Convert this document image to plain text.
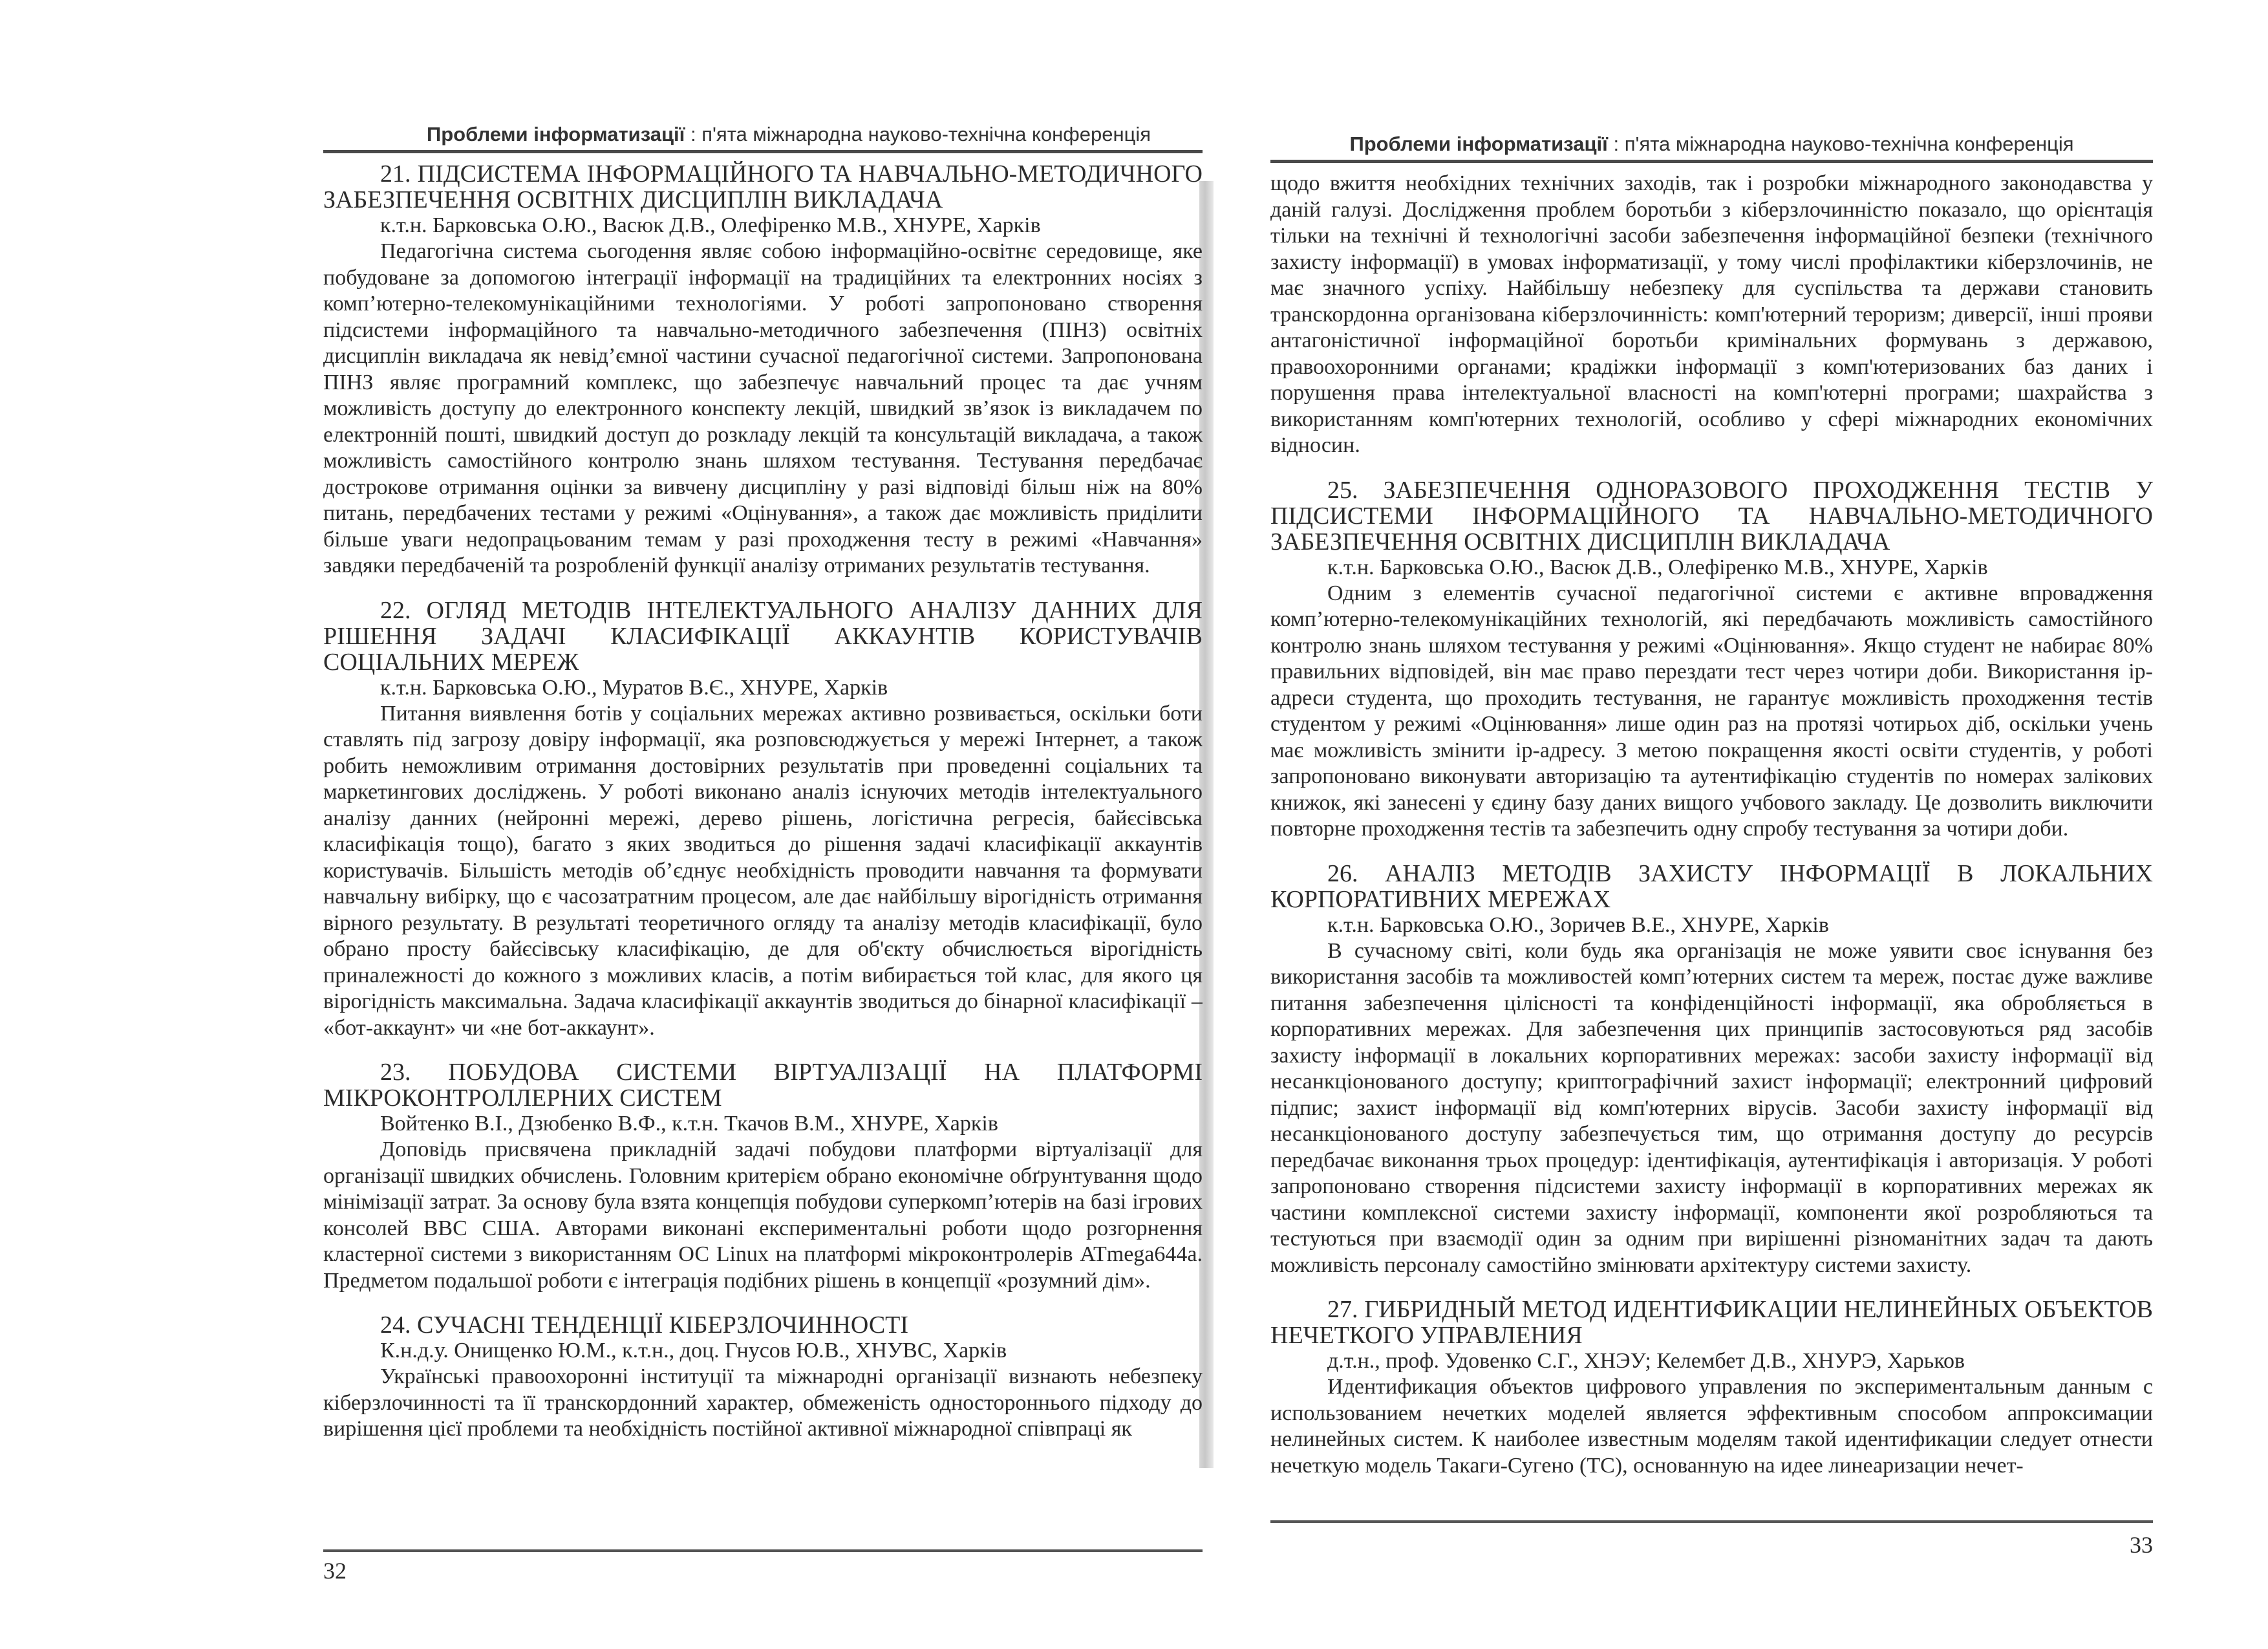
Проблеми інформатизації : п'ята міжнародна науково-технічна конференція
21. ПІДСИСТЕМА ІНФОРМАЦІЙНОГО ТА НАВЧАЛЬНО-МЕТОДИЧНОГО ЗАБЕЗПЕЧЕННЯ ОСВІТНІХ ДИСЦИПЛІН ВИКЛАДАЧА

к.т.н. Барковська О.Ю., Васюк Д.В., Олефіренко М.В., ХНУРЕ, Харків

Педагогічна система сьогодення являє собою інформаційно-освітнє середовище, яке побудоване за допомогою інтеграції інформації на традиційних та електронних носіях з комп’ютерно-телекомунікаційними технологіями. У роботі запропоновано створення підсистеми інформаційного та навчально-методичного забезпечення (ПІНЗ) освітніх дисциплін викладача як невід’ємної частини сучасної педагогічної системи. Запропонована ПІНЗ являє програмний комплекс, що забезпечує навчальний процес та дає учням можливість доступу до електронного конспекту лекцій, швидкий зв’язок із викладачем по електронній пошті, швидкий доступ до розкладу лекцій та консультацій викладача, а також можливість самостійного контролю знань шляхом тестування. Тестування передбачає дострокове отримання оцінки за вивчену дисципліну у разі відповіді більш ніж на 80% питань, передбачених тестами у режимі «Оцінування», а також дає можливість приділити більше уваги недопрацьованим темам у разі проходження тесту в режимі «Навчання» завдяки передбаченій та розробленій функції аналізу отриманих результатів тестування.

22. ОГЛЯД МЕТОДІВ ІНТЕЛЕКТУАЛЬНОГО АНАЛІЗУ ДАННИХ ДЛЯ РІШЕННЯ ЗАДАЧІ КЛАСИФІКАЦІЇ АККАУНТІВ КОРИСТУВАЧІВ СОЦІАЛЬНИХ МЕРЕЖ

к.т.н. Барковська О.Ю., Муратов В.Є., ХНУРЕ, Харків

Питання виявлення ботів у соціальних мережах активно розвивається, оскільки боти ставлять під загрозу довіру інформації, яка розповсюджується у мережі Інтернет, а також робить неможливим отримання достовірних результатів при проведенні соціальних та маркетингових досліджень. У роботі виконано аналіз існуючих методів інтелектуального аналізу данних (нейронні мережі, дерево рішень, логістична регресія, байєсівська класифікація тощо), багато з яких зводиться до рішення задачі класифікації аккаунтів користувачів. Більшість методів об’єднує необхідність проводити навчання та формувати навчальну вибірку, що є часозатратним процесом, але дає найбільшу вірогідність отримання вірного результату. В результаті теоретичного огляду та аналізу методів класифікації, було обрано просту байєсівську класифікацію, де для об'єкту обчислюється вірогідність приналежності до кожного з можливих класів, а потім вибирається той клас, для якого ця вірогідність максимальна. Задача класифікації аккаунтів зводиться до бінарної класифікації – «бот-аккаунт» чи «не бот-аккаунт».

23. ПОБУДОВА СИСТЕМИ ВІРТУАЛІЗАЦІЇ НА ПЛАТФОРМІ МІКРОКОНТРОЛЛЕРНИХ СИСТЕМ

Войтенко В.І., Дзюбенко В.Ф., к.т.н. Ткачов В.М., ХНУРЕ, Харків

Доповідь присвячена прикладній задачі побудови платформи віртуалізації для організації швидких обчислень. Головним критерієм обрано економічне обґрунтування щодо мінімізації затрат. За основу була взята концепція побудови суперкомп’ютерів на базі ігрових консолей ВВС США. Авторами виконані експериментальні роботи щодо розгорнення кластерної системи з використанням ОС Linux на платформі мікроконтролерів ATmega644a. Предметом подальшої роботи є інтеграція подібних рішень в концепції «розумний дім».

24. СУЧАСНІ ТЕНДЕНЦІЇ КІБЕРЗЛОЧИННОСТІ

К.н.д.у. Онищенко Ю.М., к.т.н., доц. Гнусов Ю.В., ХНУВС, Харків

Українські правоохоронні інституції та міжнародні організації визнають небезпеку кіберзлочинності та її транскордонний характер, обмеженість одностороннього підходу до вирішення цієї проблеми та необхідність постійної активної міжнародної співпраці як

32
Проблеми інформатизації : п'ята міжнародна науково-технічна конференція

щодо вжиття необхідних технічних заходів, так і розробки міжнародного законодавства у даній галузі. Дослідження проблем боротьби з кіберзлочинністю показало, що орієнтація тільки на технічні й технологічні засоби забезпечення інформаційної безпеки (технічного захисту інформації) в умовах інформатизації, у тому числі профілактики кіберзлочинів, не має значного успіху. Найбільшу небезпеку для суспільства та держави становить транскордонна організована кіберзлочинність: комп'ютерний тероризм; диверсії, інші прояви антагоністичної інформаційної боротьби кримінальних формувань з державою, правоохоронними органами; крадіжки інформації з комп'ютеризованих баз даних і порушення права інтелектуальної власності на комп'ютерні програми; шахрайства з використанням комп'ютерних технологій, особливо у сфері міжнародних економічних відносин.

25. ЗАБЕЗПЕЧЕННЯ ОДНОРАЗОВОГО ПРОХОДЖЕННЯ ТЕСТІВ У ПІДСИСТЕМИ ІНФОРМАЦІЙНОГО ТА НАВЧАЛЬНО-МЕТОДИЧНОГО ЗАБЕЗПЕЧЕННЯ ОСВІТНІХ ДИСЦИПЛІН ВИКЛАДАЧА

к.т.н. Барковська О.Ю., Васюк Д.В., Олефіренко М.В., ХНУРЕ, Харків

Одним з елементів сучасної педагогічної системи є активне впровадження комп’ютерно-телекомунікаційних технологій, які передбачають можливість самостійного контролю знань шляхом тестування у режимі «Оцінювання». Якщо студент не набирає 80% правильних відповідей, він має право перездати тест через чотири доби. Використання ip-адреси студента, що проходить тестування, не гарантує можливість проходження тестів студентом у режимі «Оцінювання» лише один раз на протязі чотирьох діб, оскільки учень має можливість змінити ip-адресу. З метою покращення якості освіти студентів, у роботі запропоновано виконувати авторизацію та аутентифікацію студентів по номерах залікових книжок, які занесені у єдину базу даних вищого учбового закладу. Це дозволить виключити повторне проходження тестів та забезпечить одну спробу тестування за чотири доби.

26. АНАЛІЗ МЕТОДІВ ЗАХИСТУ ІНФОРМАЦІЇ В ЛОКАЛЬНИХ КОРПОРАТИВНИХ МЕРЕЖАХ

к.т.н. Барковська О.Ю., Зоричев В.Е., ХНУРЕ, Харків

В сучасному світі, коли будь яка організація не може уявити своє існування без використання засобів та можливостей комп’ютерних систем та мереж, постає дуже важливе питання забезпечення цілісності та конфіденційності інформації, яка обробляється в корпоративних мережах. Для забезпечення цих принципів застосовуються ряд засобів захисту інформації в локальних корпоративних мережах: засоби захисту інформації від несанкціонованого доступу; криптографічний захист інформації; електронний цифровий підпис; захист інформації від комп'ютерних вірусів. Засоби захисту інформації від несанкціонованого доступу забезпечується тим, що отримання доступу до ресурсів передбачає виконання трьох процедур: ідентифікація, аутентифікація і авторизація. У роботі запропоновано створення підсистеми захисту інформації в корпоративних мережах як частини комплексної системи захисту інформації, компоненти якої розробляються та тестуються при взаємодії один за одним при вирішенні різноманітних задач та дають можливість персоналу самостійно змінювати архітектуру системи захисту.

27. ГИБРИДНЫЙ МЕТОД ИДЕНТИФИКАЦИИ НЕЛИНЕЙНЫХ ОБЪЕКТОВ НЕЧЕТКОГО УПРАВЛЕНИЯ

д.т.н., проф. Удовенко С.Г., ХНЭУ; Келембет Д.В., ХНУРЭ, Харьков

Идентификация объектов цифрового управления по экспериментальным данным с использованием нечетких моделей является эффективным способом аппроксимации нелинейных систем. К наиболее известным моделям такой идентификации следует отнести нечеткую модель Такаги-Сугено (ТС), основанную на идее линеаризации нечет-

33
